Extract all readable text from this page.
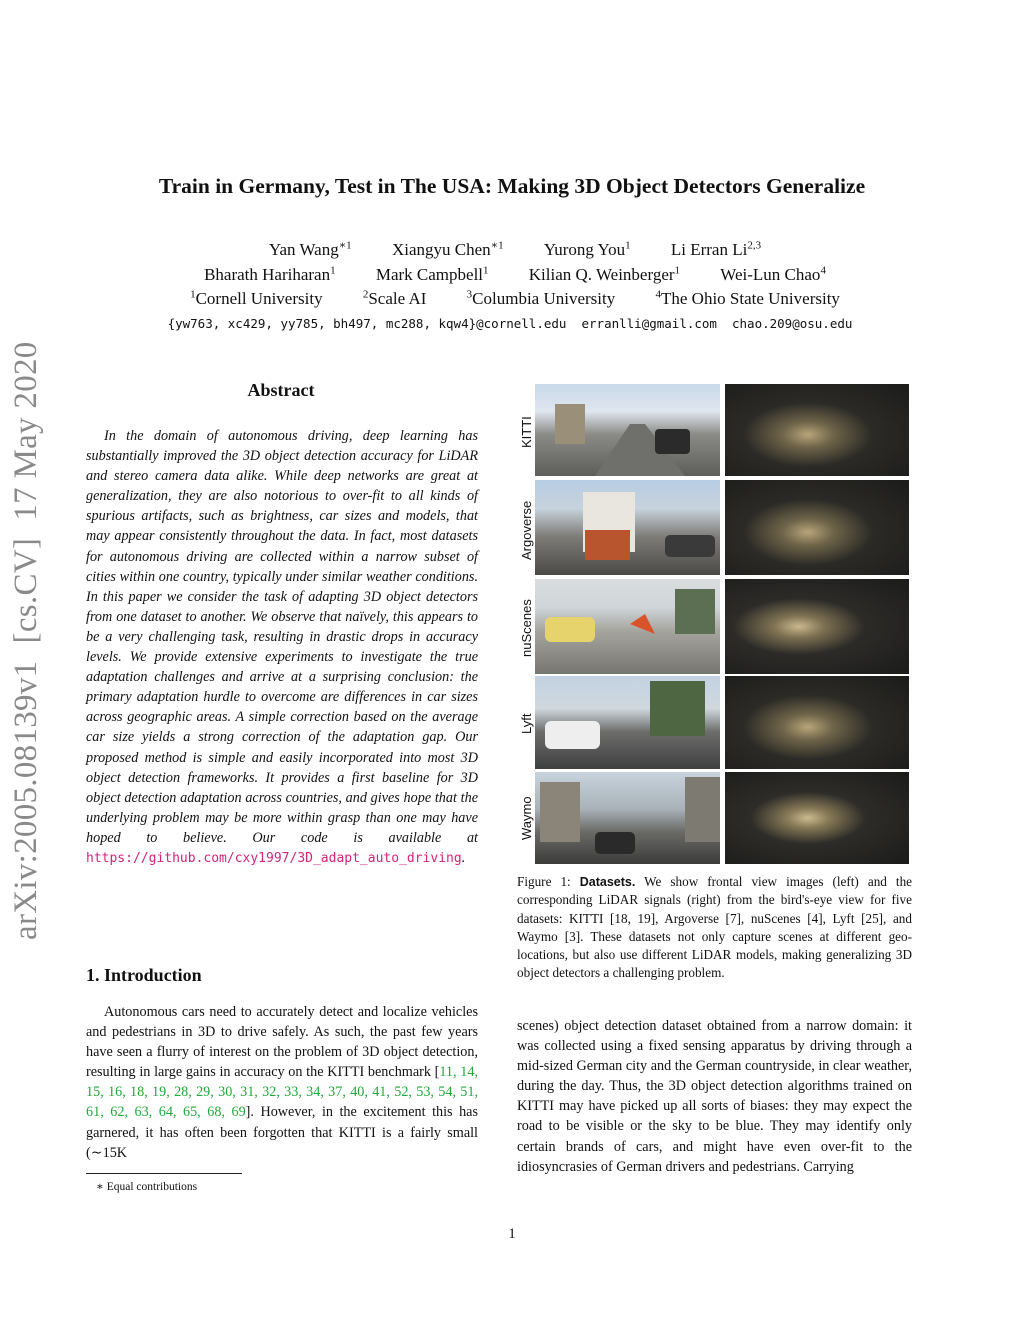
Train in Germany, Test in The USA: Making 3D Object Detectors Generalize
Yan Wang$^{∗1}$ Xiangyu Chen$^{∗1}$ Yurong You$^1$ Li Erran Li$^{2,3}$
Bharath Hariharan$^1$ Mark Campbell$^1$ Kilian Q. Weinberger$^1$ Wei-Lun Chao$^4$
$^1$Cornell University	$^2$Scale AI	$^3$Columbia University	$^4$The Ohio State University
{yw763, xc429, yy785, bh497, mc288, kqw4}@cornell.edu  erranlli@gmail.com  chao.209@osu.edu
arXiv:2005.08139v1  [cs.CV]  17 May 2020	Abstract

In the domain of autonomous driving, deep learning has substantially improved the 3D object detection accuracy for LiDAR and stereo camera data alike. While deep networks are great at generalization, they are also notorious to over-fit to all kinds of spurious artifacts, such as brightness, car sizes and models, that may appear consistently throughout the data. In fact, most datasets for autonomous driving are collected within a narrow subset of cities within one country, typically under similar weather conditions. In this paper we consider the task of adapting 3D object detectors from one dataset to another. We observe that naïvely, this appears to be a very challenging task, resulting in drastic drops in accuracy levels. We provide extensive experiments to investigate the true adaptation challenges and arrive at a surprising conclusion: the primary adaptation hurdle to overcome are differences in car sizes across geographic areas. A simple correction based on the average car size yields a strong correction of the adaptation gap. Our proposed method is simple and easily incorporated into most 3D object detection frameworks. It provides a first baseline for 3D object detection adaptation across countries, and gives hope that the underlying problem may be more within grasp than one may have hoped to believe. Our code is available at https://github.com/cxy1997/3D_adapt_auto_driving.

1. Introduction

Autonomous cars need to accurately detect and localize vehicles and pedestrians in 3D to drive safely. As such, the past few years have seen a flurry of interest on the problem of 3D object detection, resulting in large gains in accuracy on the KITTI benchmark [11, 14, 15, 16, 18, 19, 28, 29, 30, 31, 32, 33, 34, 37, 40, 41, 52, 53, 54, 51, 61, 62, 63, 64, 65, 68, 69]. However, in the excitement this has garnered, it has often been forgotten that KITTI is a fairly small (∼15K

∗ Equal contributions
KITTI
Argoverse
nuScenes
Lyft
Waymo

Figure 1: Datasets. We show frontal view images (left) and the corresponding LiDAR signals (right) from the bird's-eye view for five datasets: KITTI [18, 19], Argoverse [7], nuScenes [4], Lyft [25], and Waymo [3]. These datasets not only capture scenes at different geo-locations, but also use different LiDAR models, making generalizing 3D object detectors a challenging problem.

scenes) object detection dataset obtained from a narrow domain: it was collected using a fixed sensing apparatus by driving through a mid-sized German city and the German countryside, in clear weather, during the day. Thus, the 3D object detection algorithms trained on KITTI may have picked up all sorts of biases: they may expect the road to be visible or the sky to be blue. They may identify only certain brands of cars, and might have even over-fit to the idiosyncrasies of German drivers and pedestrians. Carrying

1
